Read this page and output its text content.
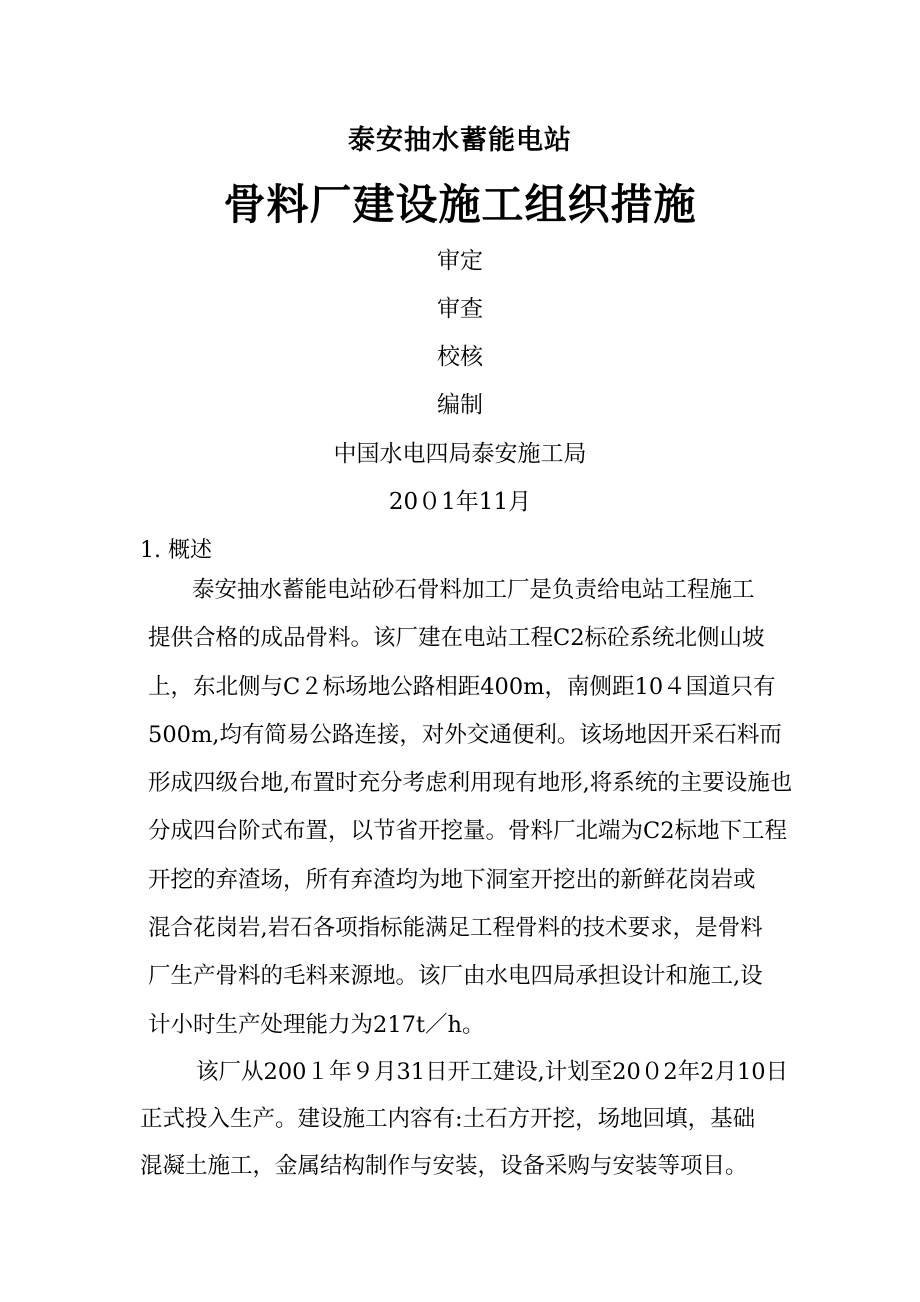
泰安抽水蓄能电站
骨料厂建设施工组织措施
审定
审查
校核
编制
中国水电四局泰安施工局
20０1年11月
1. 概述
泰安抽水蓄能电站砂石骨料加工厂是负责给电站工程施工
提供合格的成品骨料。该厂建在电站工程C2标砼系统北侧山坡
上，东北侧与C２标场地公路相距400m，南侧距10４国道只有
500m,均有简易公路连接，对外交通便利。该场地因开采石料而
形成四级台地,布置时充分考虑利用现有地形,将系统的主要设施也
分成四台阶式布置，以节省开挖量。骨料厂北端为C2标地下工程
开挖的弃渣场，所有弃渣均为地下洞室开挖出的新鲜花岗岩或
混合花岗岩,岩石各项指标能满足工程骨料的技术要求，是骨料
厂生产骨料的毛料来源地。该厂由水电四局承担设计和施工,设
计小时生产处理能力为217t／h。
该厂从200１年９月31日开工建设,计划至20０2年2月10日
正式投入生产。建设施工内容有:土石方开挖，场地回填，基础
混凝土施工，金属结构制作与安装，设备采购与安装等项目。
